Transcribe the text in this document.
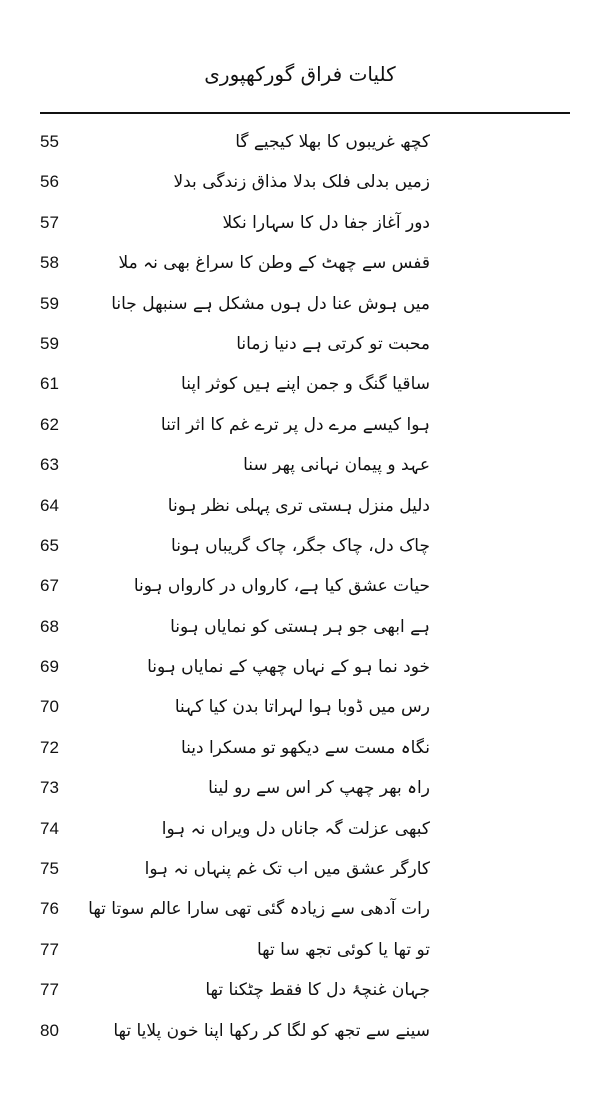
کلیات فراق گورکھپوری
55	کچھ غریبوں کا بھلا کیجیے گا
56	زمیں بدلی فلک بدلا مذاق زندگی بدلا
57	دور آغاز جفا دل کا سہارا نکلا
58	قفس سے چھٹ کے وطن کا سراغ بھی نہ ملا
59	میں ہوش عنا دل ہوں مشکل ہے سنبھل جانا
59	محبت تو کرتی ہے دنیا زمانا
61	ساقیا گنگ و جمن اپنے ہیں کوثر اپنا
62	ہوا کیسے مرے دل پر ترے غم کا اثر اتنا
63	عہد و پیمان نہانی پھر سنا
64	دلیل منزل ہستی تری پہلی نظر ہونا
65	چاک دل، چاک جگر، چاک گریباں ہونا
67	حیات عشق کیا ہے، کارواں در کارواں ہونا
68	ہے ابھی جو ہر ہستی کو نمایاں ہونا
69	خود نما ہو کے نہاں چھپ کے نمایاں ہونا
70	رس میں ڈوبا ہوا لہراتا بدن کیا کہنا
72	نگاہ مست سے دیکھو تو مسکرا دینا
73	راہ بھر چھپ کر اس سے رو لینا
74	کبھی عزلت گہ جاناں دل ویراں نہ ہوا
75	کارگر عشق میں اب تک غم پنہاں نہ ہوا
76	رات آدھی سے زیادہ گئی تھی سارا عالم سوتا تھا
77	تو تھا یا کوئی تجھ سا تھا
77	جہان غنچۂ دل کا فقط چٹکنا تھا
80	سینے سے تجھ کو لگا کر رکھا اپنا خون پلایا تھا
